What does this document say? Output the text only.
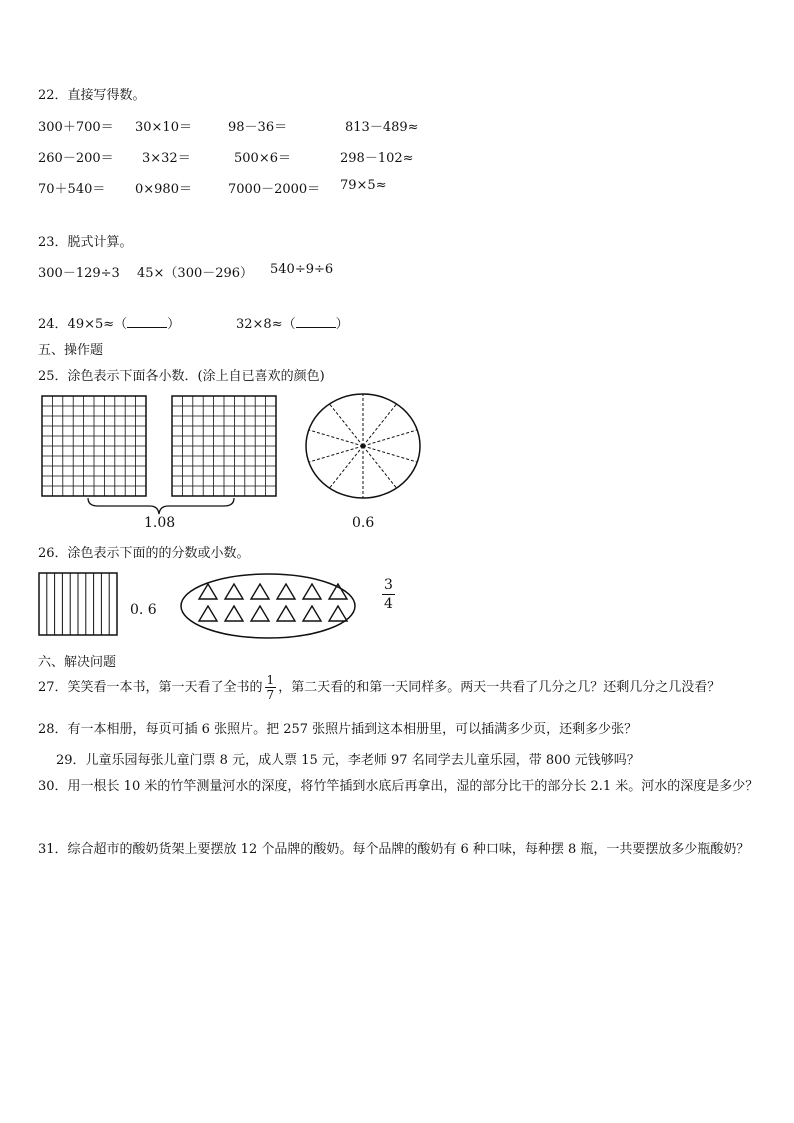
22．直接写得数。
300＋700＝ 30×10＝	98－36＝	813－489≈
260－200＝ 3×32＝	500×6＝	298－102≈
70＋540＝ 0×980＝	7000－2000＝ 79×5≈
23．脱式计算。
300－129÷3 45×（300－296） 540÷9÷6
24．49×5≈（	）	32×8≈（	）
五、操作题
25．涂色表示下面各小数．(涂上自已喜欢的颜色)
1.08	0.6
26．涂色表示下面的的分数或小数。
0. 6	$\frac{3}{4}$
六、解决问题
27．笑笑看一本书，第一天看了全书的 $\frac{1}{7}$ ，第二天看的和第一天同样多。两天一共看了几分之几？还剩几分之几没看？
28．有一本相册，每页可插 6 张照片。把 257 张照片插到这本相册里，可以插满多少页，还剩多少张？
29．儿童乐园每张儿童门票 8 元，成人票 15 元，李老师 97 名同学去儿童乐园，带 800 元钱够吗？
30．用一根长 10 米的竹竿测量河水的深度，将竹竿插到水底后再拿出，湿的部分比干的部分长 2.1 米。河水的深度是多少？
31．综合超市的酸奶货架上要摆放 12 个品牌的酸奶。每个品牌的酸奶有 6 种口味，每种摆 8 瓶，一共要摆放多少瓶酸奶？
